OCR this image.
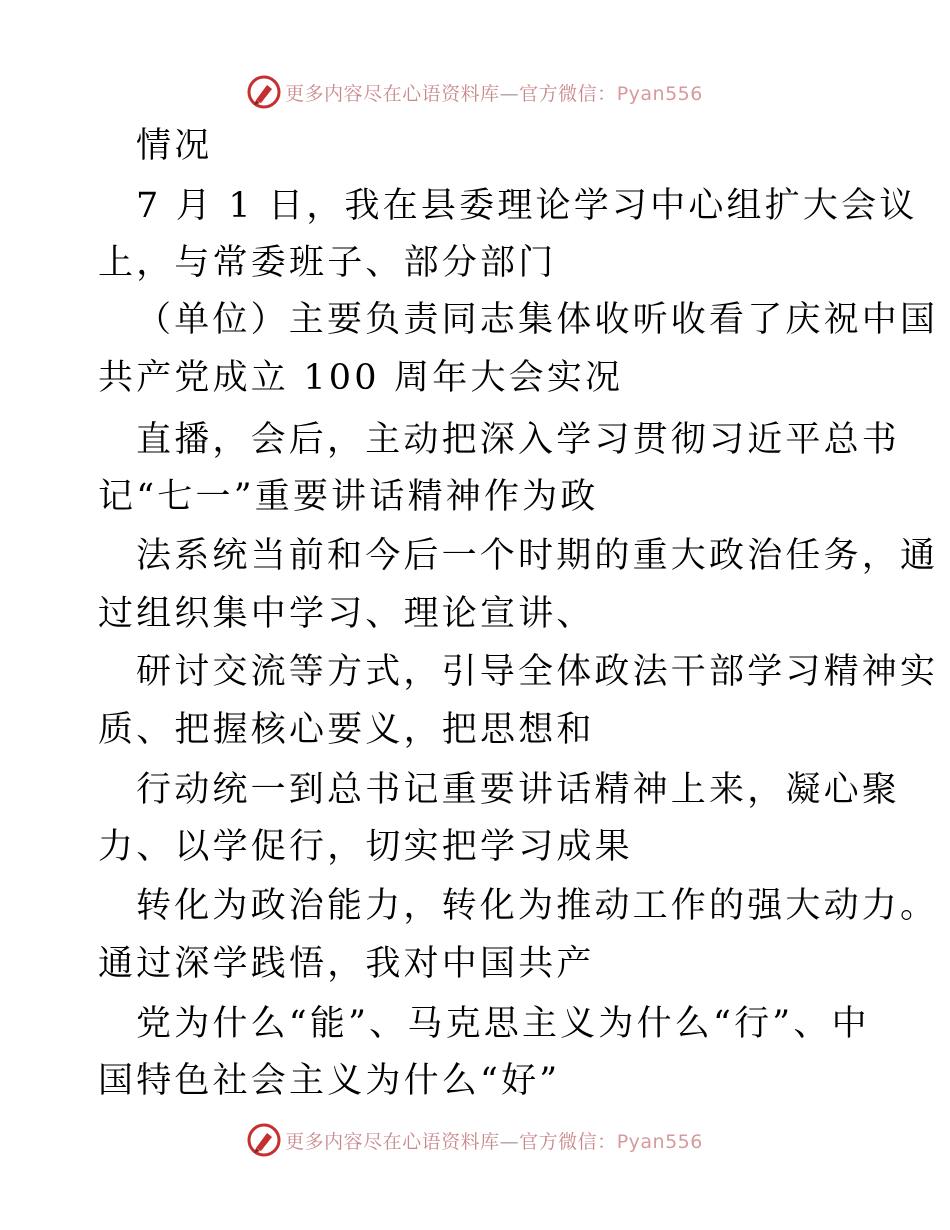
更多内容尽在心语资料库—官方微信：Pyan556
情况
7 月 1 日，我在县委理论学习中心组扩大会议
上，与常委班子、部分部门
（单位）主要负责同志集体收听收看了庆祝中国
共产党成立 100 周年大会实况
直播，会后，主动把深入学习贯彻习近平总书
记“七一”重要讲话精神作为政
法系统当前和今后一个时期的重大政治任务，通
过组织集中学习、理论宣讲、
研讨交流等方式，引导全体政法干部学习精神实
质、把握核心要义，把思想和
行动统一到总书记重要讲话精神上来，凝心聚
力、以学促行，切实把学习成果
转化为政治能力，转化为推动工作的强大动力。
通过深学践悟，我对中国共产
党为什么“能”、马克思主义为什么“行”、中
国特色社会主义为什么“好”
更多内容尽在心语资料库—官方微信：Pyan556
